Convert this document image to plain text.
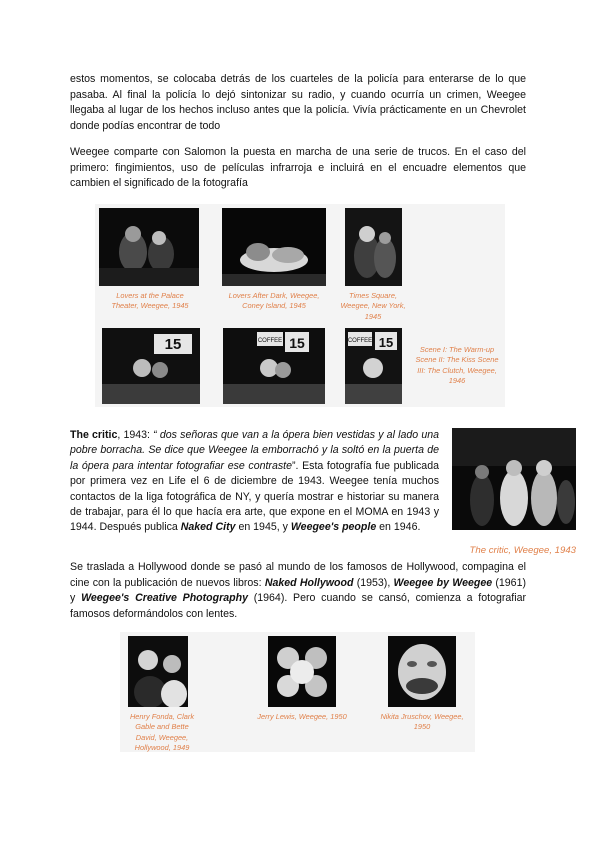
estos momentos, se colocaba detrás de los cuarteles de la policía para enterarse de lo que pasaba. Al final la policía lo dejó sintonizar su radio, y cuando ocurría un crimen, Weegee llegaba al lugar de los hechos incluso antes que la policía. Vivía prácticamente en un Chevrolet donde podías encontrar de todo

Weegee comparte con Salomon la puesta en marcha de una serie de trucos. En el caso del primero: fingimientos, uso de películas infrarroja e incluirá en el encuadre elementos que cambien el significado de la fotografía

Lovers at the Palace Theater, Weegee, 1945

Lovers After Dark, Weegee, Coney Island, 1945

Times Square, Weegee, New York, 1945

15	COFFEE 15	COFFEE 15	Scene I: The Warm-up Scene II: The Kiss Scene III: The Clutch, Weegee, 1946

The critic, 1943: “ dos señoras que van a la ópera bien vestidas y al lado una pobre borracha. Se dice que Weegee la emborrachó y la soltó en la puerta de la ópera para intentar fotografiar ese contraste”. Esta fotografía fue publicada por primera vez en Life el 6 de diciembre de 1943. Weegee tenía muchos contactos de la liga fotográfica de NY, y quería mostrar e historiar su manera de trabajar, para él lo que hacía era arte, que expone en el MOMA en 1943 y 1944. Después publica Naked City en 1945, y Weegee's people en 1946.

The critic, Weegee, 1943

Se traslada a Hollywood donde se pasó al mundo de los famosos de Hollywood, compagina el cine con la publicación de nuevos libros: Naked Hollywood (1953), Weegee by Weegee (1961) y Weegee's Creative Photography (1964). Pero cuando se cansó, comienza a fotografiar famosos deformándolos con lentes.

Henry Fonda, Clark Gable and Bette David, Weegee, Hollywood, 1949

Jerry Lewis, Weegee, 1950	Nikita Jruschov, Weegee, 1950
